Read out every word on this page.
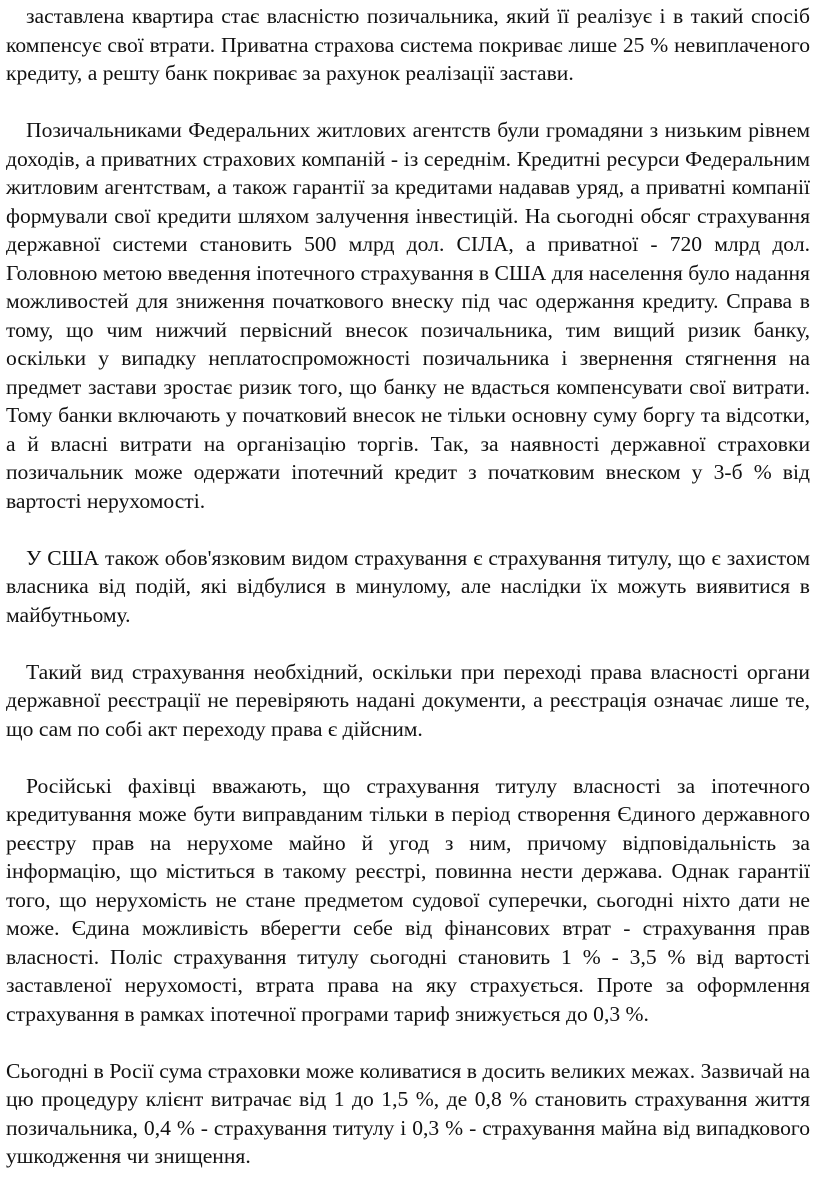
заставлена квартира стає власністю позичальника, який її реалізує і в такий спосіб компенсує свої втрати. Приватна страхова система покриває лише 25 % невиплаченого кредиту, а решту банк покриває за рахунок реалізації застави.

Позичальниками Федеральних житлових агентств були громадяни з низьким рівнем доходів, а приватних страхових компаній - із середнім. Кредитні ресурси Федеральним житловим агентствам, а також гарантії за кредитами надавав уряд, а приватні компанії формували свої кредити шляхом залучення інвестицій. На сьогодні обсяг страхування державної системи становить 500 млрд дол. СІЛА, а приватної - 720 млрд дол. Головною метою введення іпотечного страхування в США для населення було надання можливостей для зниження початкового внеску під час одержання кредиту. Справа в тому, що чим нижчий первісний внесок позичальника, тим вищий ризик банку, оскільки у випадку неплатоспроможності позичальника і звернення стягнення на предмет застави зростає ризик того, що банку не вдасться компенсувати свої витрати. Тому банки включають у початковий внесок не тільки основну суму боргу та відсотки, а й власні витрати на організацію торгів. Так, за наявності державної страховки позичальник може одержати іпотечний кредит з початковим внеском у 3-б % від вартості нерухомості.

У США також обов'язковим видом страхування є страхування титулу, що є захистом власника від подій, які відбулися в минулому, але наслідки їх можуть виявитися в майбутньому.

Такий вид страхування необхідний, оскільки при переході права власності органи державної реєстрації не перевіряють надані документи, а реєстрація означає лише те, що сам по собі акт переходу права є дійсним.

Російські фахівці вважають, що страхування титулу власності за іпотечного кредитування може бути виправданим тільки в період створення Єдиного державного реєстру прав на нерухоме майно й угод з ним, причому відповідальність за інформацію, що міститься в такому реєстрі, повинна нести держава. Однак гарантії того, що нерухомість не стане предметом судової суперечки, сьогодні ніхто дати не може. Єдина можливість вберегти себе від фінансових втрат - страхування прав власності. Поліс страхування титулу сьогодні становить 1 % - 3,5 % від вартості заставленої нерухомості, втрата права на яку страхується. Проте за оформлення страхування в рамках іпотечної програми тариф знижується до 0,3 %.

Сьогодні в Росії сума страховки може коливатися в досить великих межах. Зазвичай на цю процедуру клієнт витрачає від 1 до 1,5 %, де 0,8 % становить страхування життя позичальника, 0,4 % - страхування титулу і 0,3 % - страхування майна від випадкового ушкодження чи знищення.
